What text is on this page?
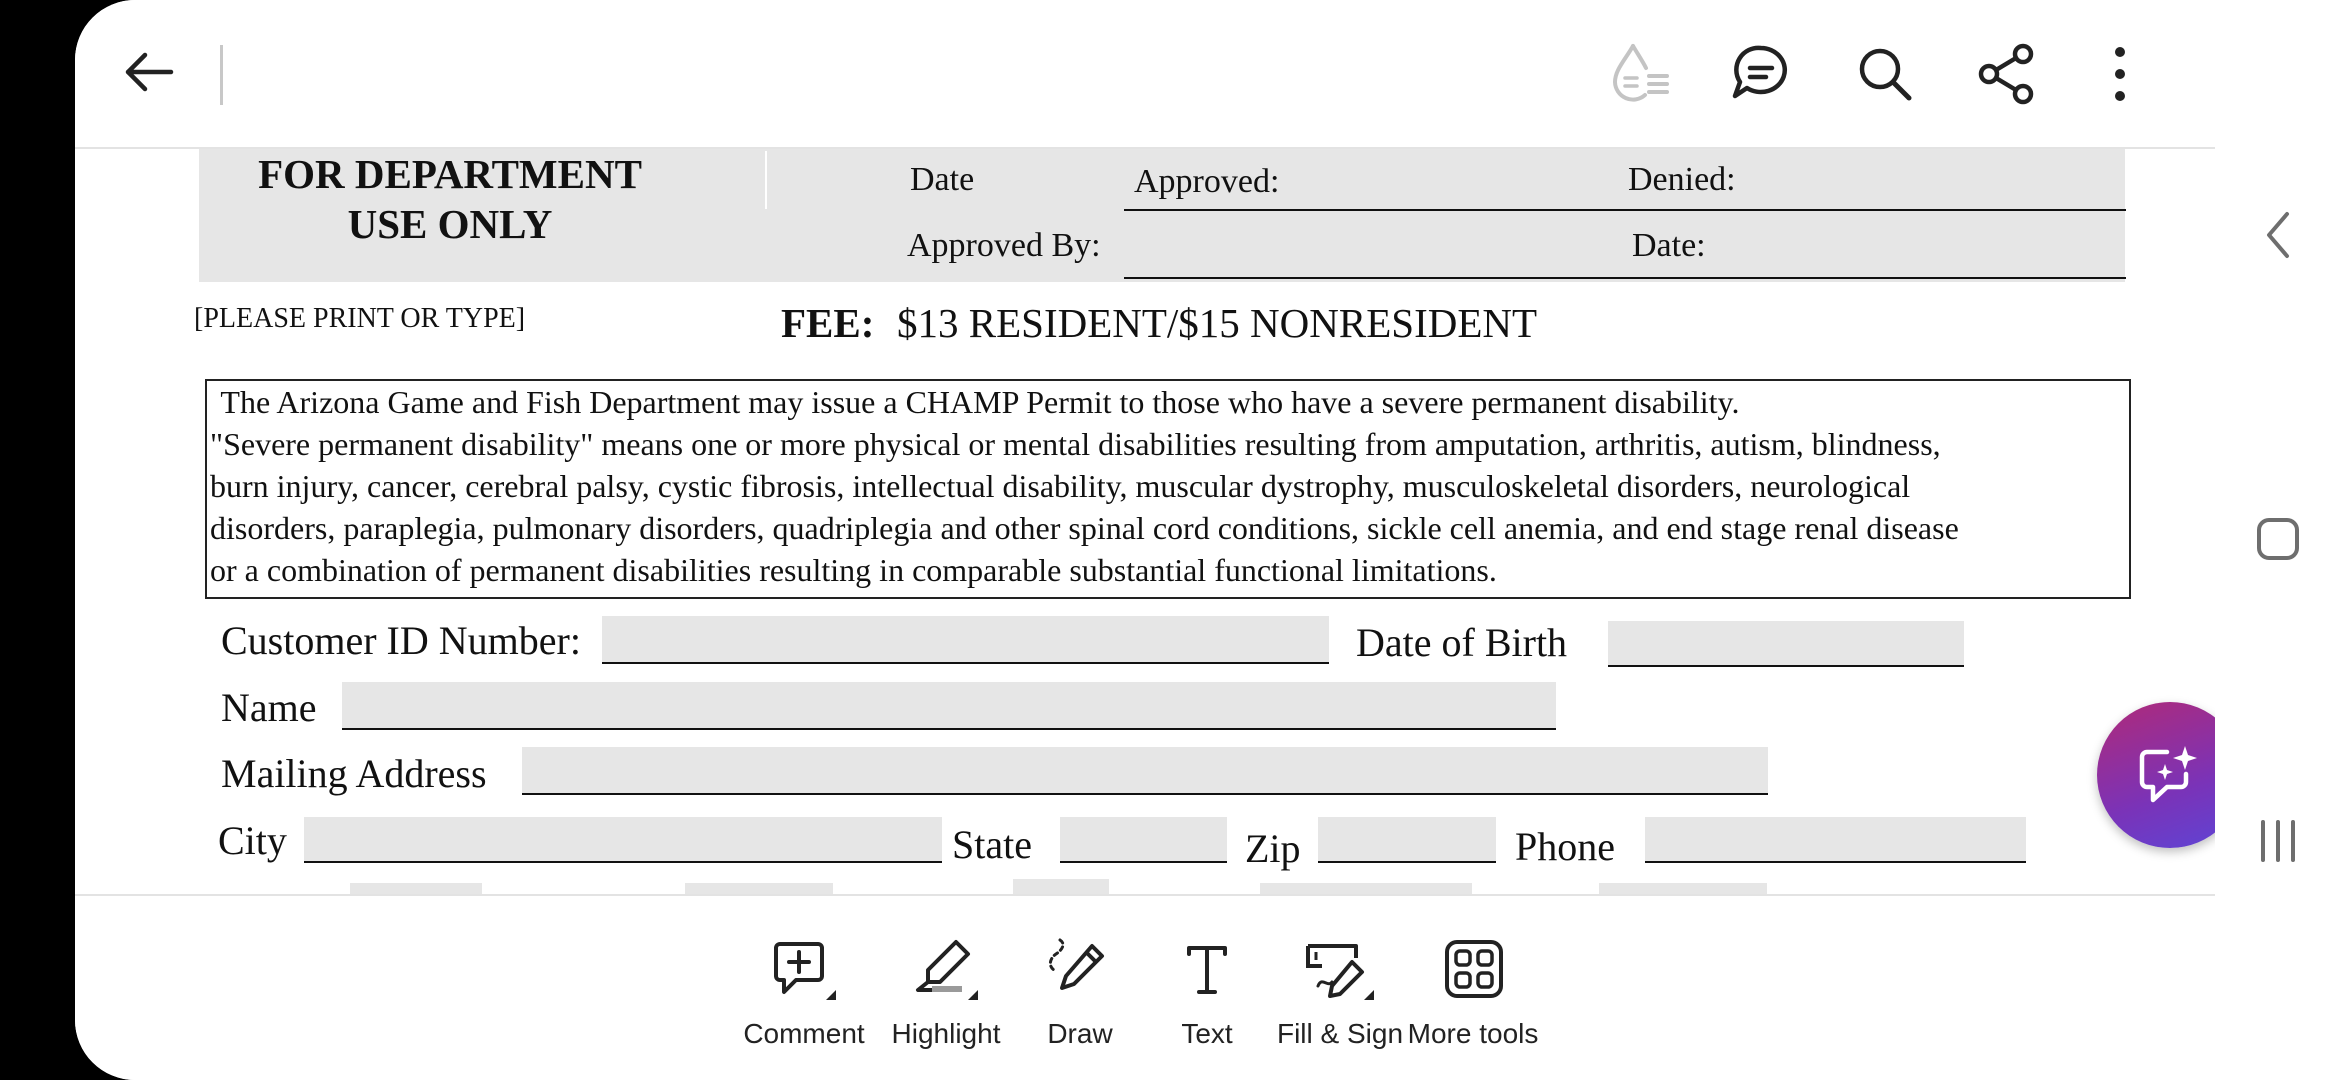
FOR DEPARTMENT USE ONLY
Date	Approved:	Denied:
Approved By:	Date:
[PLEASE PRINT OR TYPE]	FEE: $13 RESIDENT/$15 NONRESIDENT
The Arizona Game and Fish Department may issue a CHAMP Permit to those who have a severe permanent disability.
"Severe permanent disability" means one or more physical or mental disabilities resulting from amputation, arthritis, autism, blindness,
burn injury, cancer, cerebral palsy, cystic fibrosis, intellectual disability, muscular dystrophy, musculoskeletal disorders, neurological
disorders, paraplegia, pulmonary disorders, quadriplegia and other spinal cord conditions, sickle cell anemia, and end stage renal disease
or a combination of permanent disabilities resulting in comparable substantial functional limitations.
Customer ID Number:	Date of Birth
Name
Mailing Address
City	State	Zip	Phone
Comment Highlight	Draw	Text	Fill & Sign More tools
